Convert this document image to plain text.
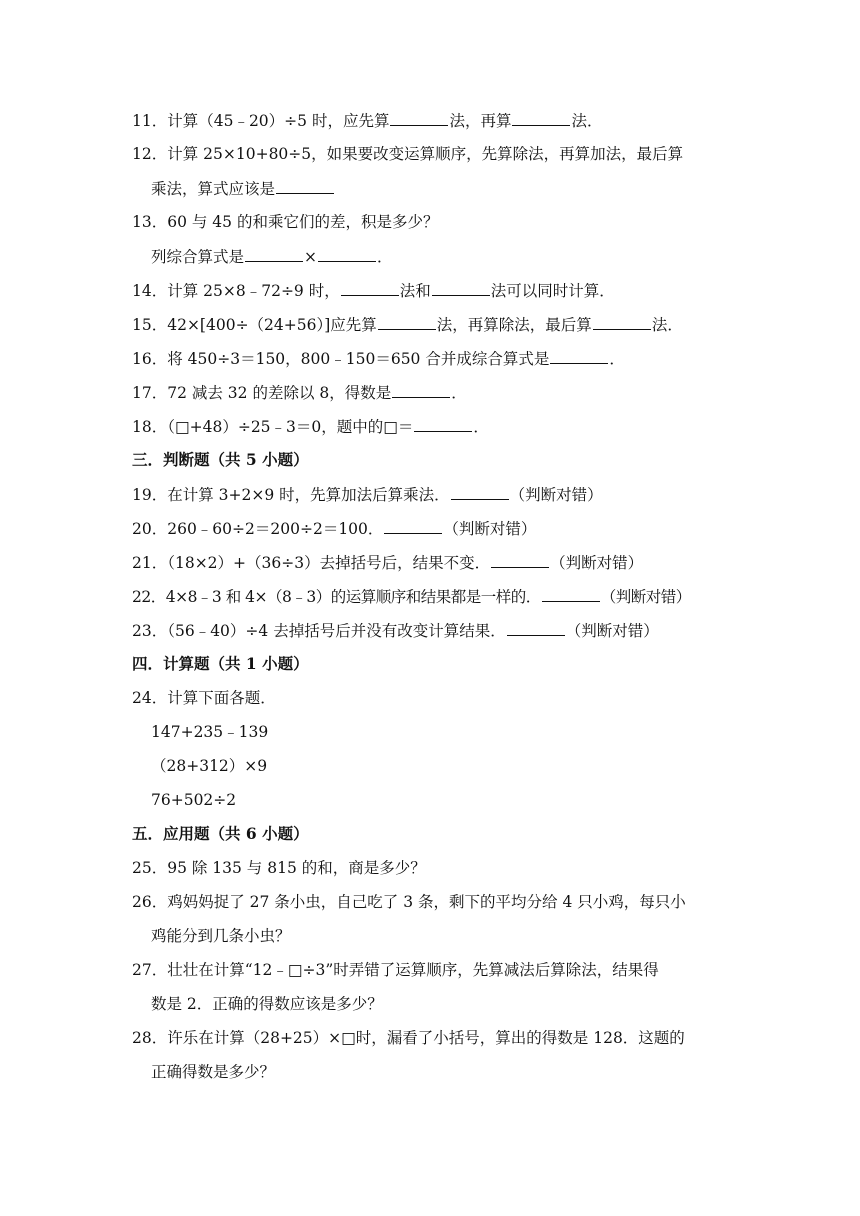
11．计算（45﹣20）÷5 时，应先算	法，再算	法．
12．计算 25×10+80÷5，如果要改变运算顺序，先算除法，再算加法，最后算
乘法，算式应该是
13．60 与 45 的和乘它们的差，积是多少？
列综合算式是	×	．
14．计算 25×8﹣72÷9 时，	法和	法可以同时计算．
15．42×[400÷（24+56）]应先算	法，再算除法，最后算	法．
16．将 450÷3＝150，800﹣150＝650 合并成综合算式是	．
17．72 减去 32 的差除以 8，得数是	．
18．（□+48）÷25﹣3＝0，题中的□＝	．
三．判断题（共 5 小题）
19．在计算 3+2×9 时，先算加法后算乘法．	（判断对错）
20．260﹣60÷2＝200÷2＝100．	（判断对错）
21．（18×2）+（36÷3）去掉括号后，结果不变．	（判断对错）
22．4×8﹣3 和 4×（8﹣3）的运算顺序和结果都是一样的．	（判断对错）
23．（56﹣40）÷4 去掉括号后并没有改变计算结果．	（判断对错）
四．计算题（共 1 小题）
24．计算下面各题．
147+235﹣139
（28+312）×9
76+502÷2
五．应用题（共 6 小题）
25．95 除 135 与 815 的和，商是多少？
26．鸡妈妈捉了 27 条小虫，自己吃了 3 条，剩下的平均分给 4 只小鸡，每只小
鸡能分到几条小虫？
27．壮壮在计算“12﹣□÷3”时弄错了运算顺序，先算减法后算除法，结果得
数是 2．正确的得数应该是多少？
28．许乐在计算（28+25）×□时，漏看了小括号，算出的得数是 128．这题的
正确得数是多少？
